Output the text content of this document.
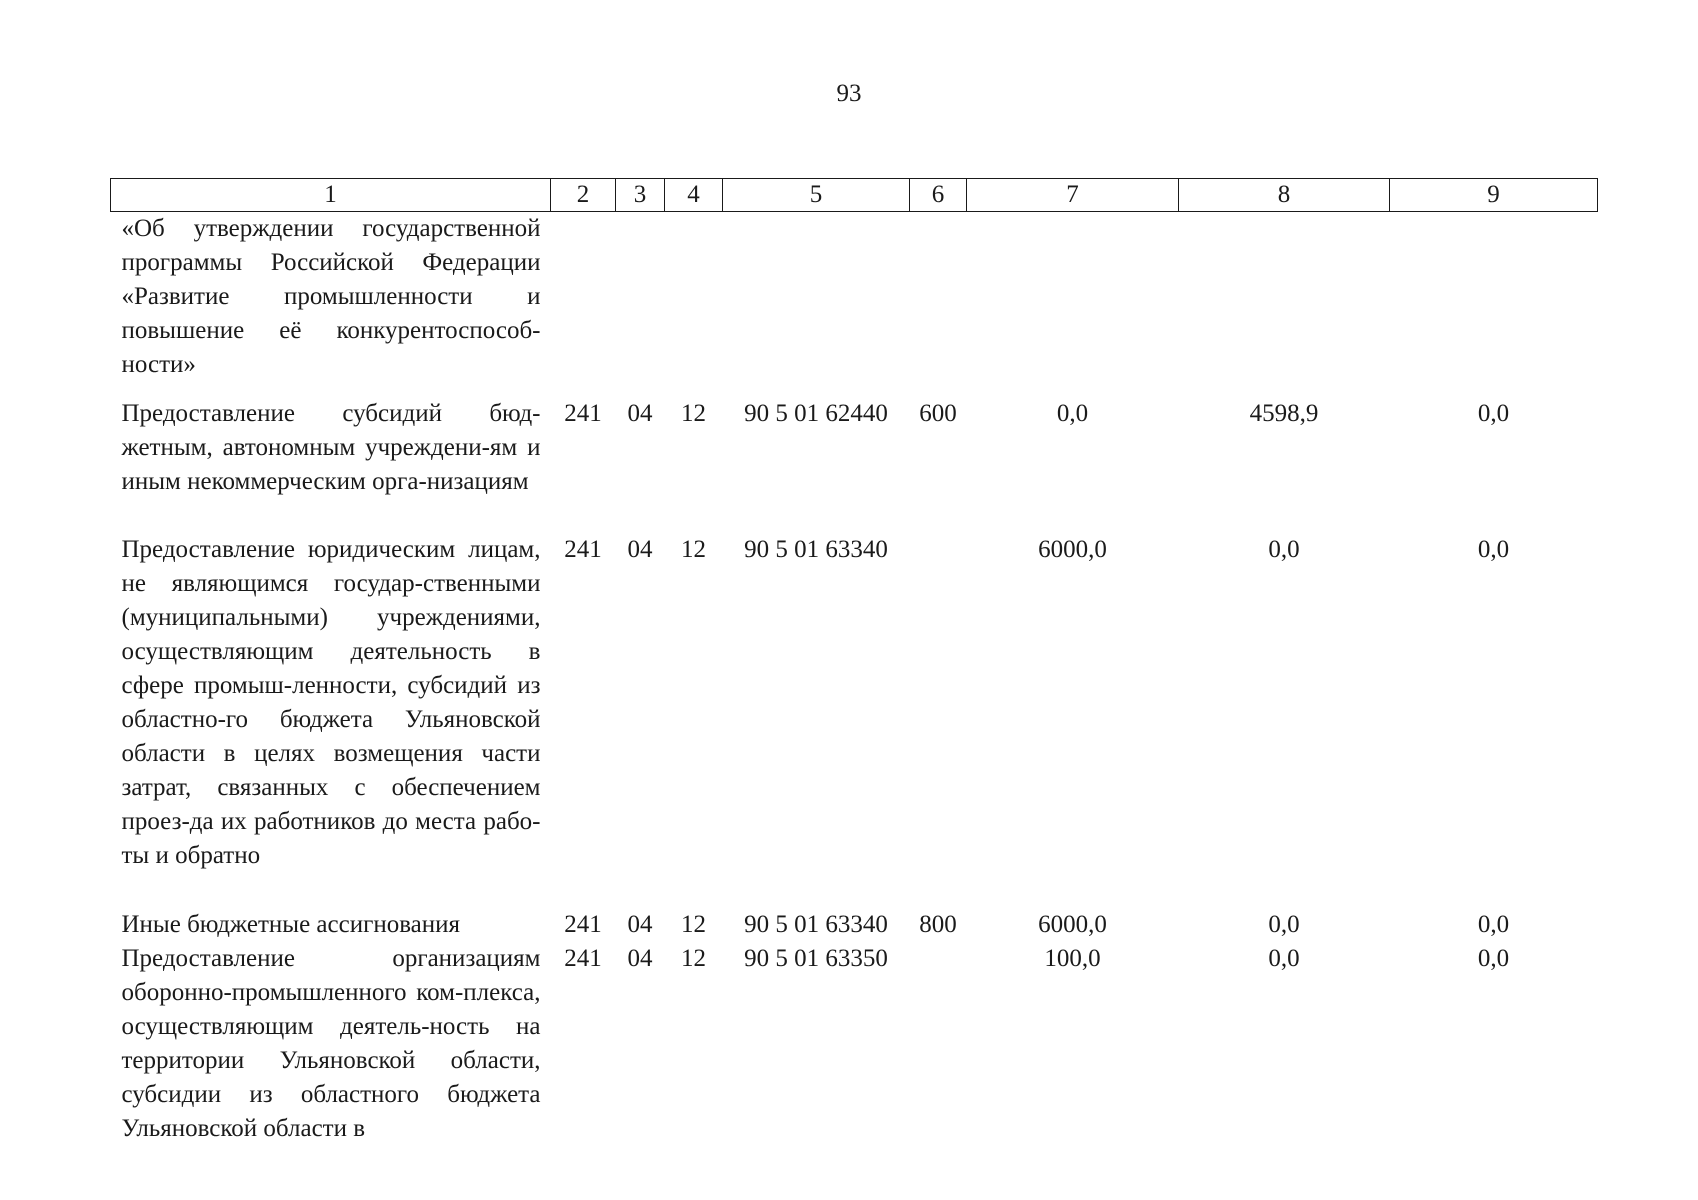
93
1	2	3	4	5	6	7	8	9
«Об утверждении государственной программы Российской Федерации «Развитие промышленности и повышение её конкурентоспособ-ности»								
Предоставление субсидий бюд-жетным, автономным учреждени-ям и иным некоммерческим орга-низациям	241	04	12	90 5 01 62440	600	0,0	4598,9	0,0
Предоставление юридическим лицам, не являющимся государ-ственными (муниципальными) учреждениями, осуществляющим деятельность в сфере промыш-ленности, субсидий из областно-го бюджета Ульяновской области в целях возмещения части затрат, связанных с обеспечением проез-да их работников до места рабо-ты и обратно	241	04	12	90 5 01 63340		6000,0	0,0	0,0
Иные бюджетные ассигнования	241	04	12	90 5 01 63340	800	6000,0	0,0	0,0
Предоставление организациям оборонно-промышленного ком-плекса, осуществляющим деятель-ность на территории Ульяновской области, субсидии из областного бюджета Ульяновской области в	241	04	12	90 5 01 63350		100,0	0,0	0,0
